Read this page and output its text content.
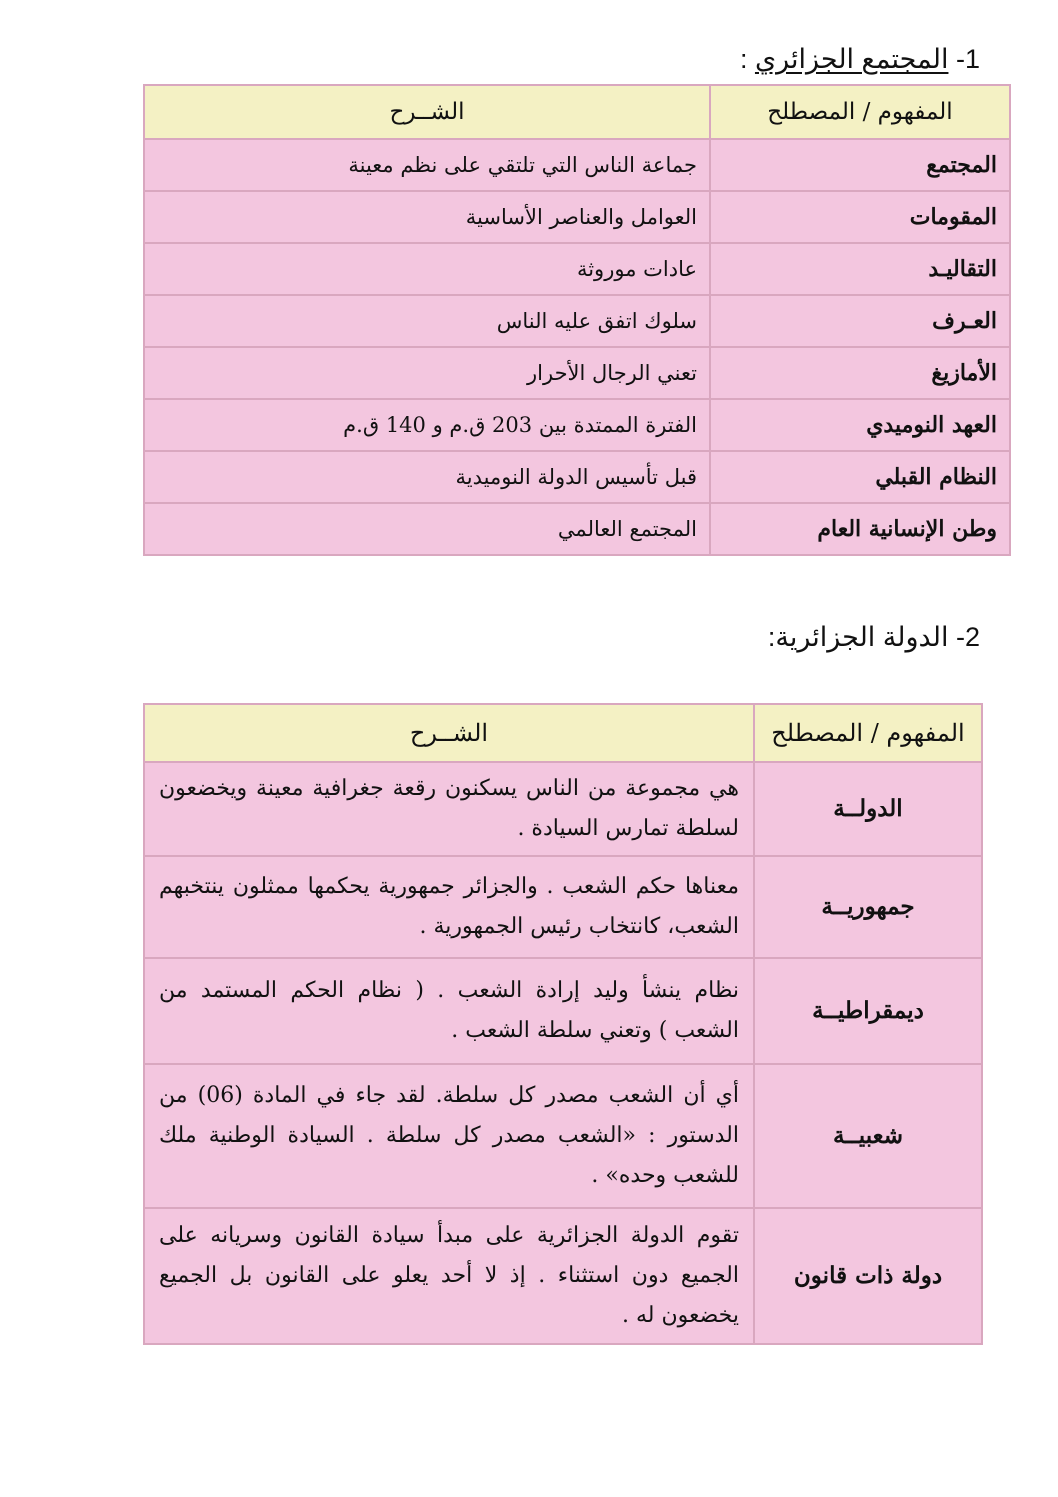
1- المجتمع الجزائري :
المفهوم / المصطلح	الشــرح
المجتمع	جماعة الناس التي تلتقي على نظم معينة
المقومات	العوامل والعناصر الأساسية
التقاليـد	عادات موروثة
العـرف	سلوك اتفق عليه الناس
الأمازيغ	تعني الرجال الأحرار
العهد النوميدي	الفترة الممتدة بين 203 ق.م و 140 ق.م
النظام القبلي	قبل تأسيس الدولة النوميدية
وطن الإنسانية العام	المجتمع العالمي
2- الدولة الجزائرية:
المفهوم / المصطلح	الشــرح
الدولــة	هي مجموعة من الناس يسكنون رقعة جغرافية معينة ويخضعون لسلطة تمارس السيادة .
جمهوريــة	معناها حكم الشعب . والجزائر جمهورية يحكمها ممثلون ينتخبهم الشعب، كانتخاب رئيس الجمهورية .
ديمقراطيــة	نظام ينشأ وليد إرادة الشعب . ( نظام الحكم المستمد من الشعب ) وتعني سلطة الشعب .
شعبيــة	أي أن الشعب مصدر كل سلطة. لقد جاء في المادة (06) من الدستور : «الشعب مصدر كل سلطة . السيادة الوطنية ملك للشعب وحده» .
دولة ذات قانون	تقوم الدولة الجزائرية على مبدأ سيادة القانون وسريانه على الجميع دون استثناء . إذ لا أحد يعلو على القانون بل الجميع يخضعون له .
